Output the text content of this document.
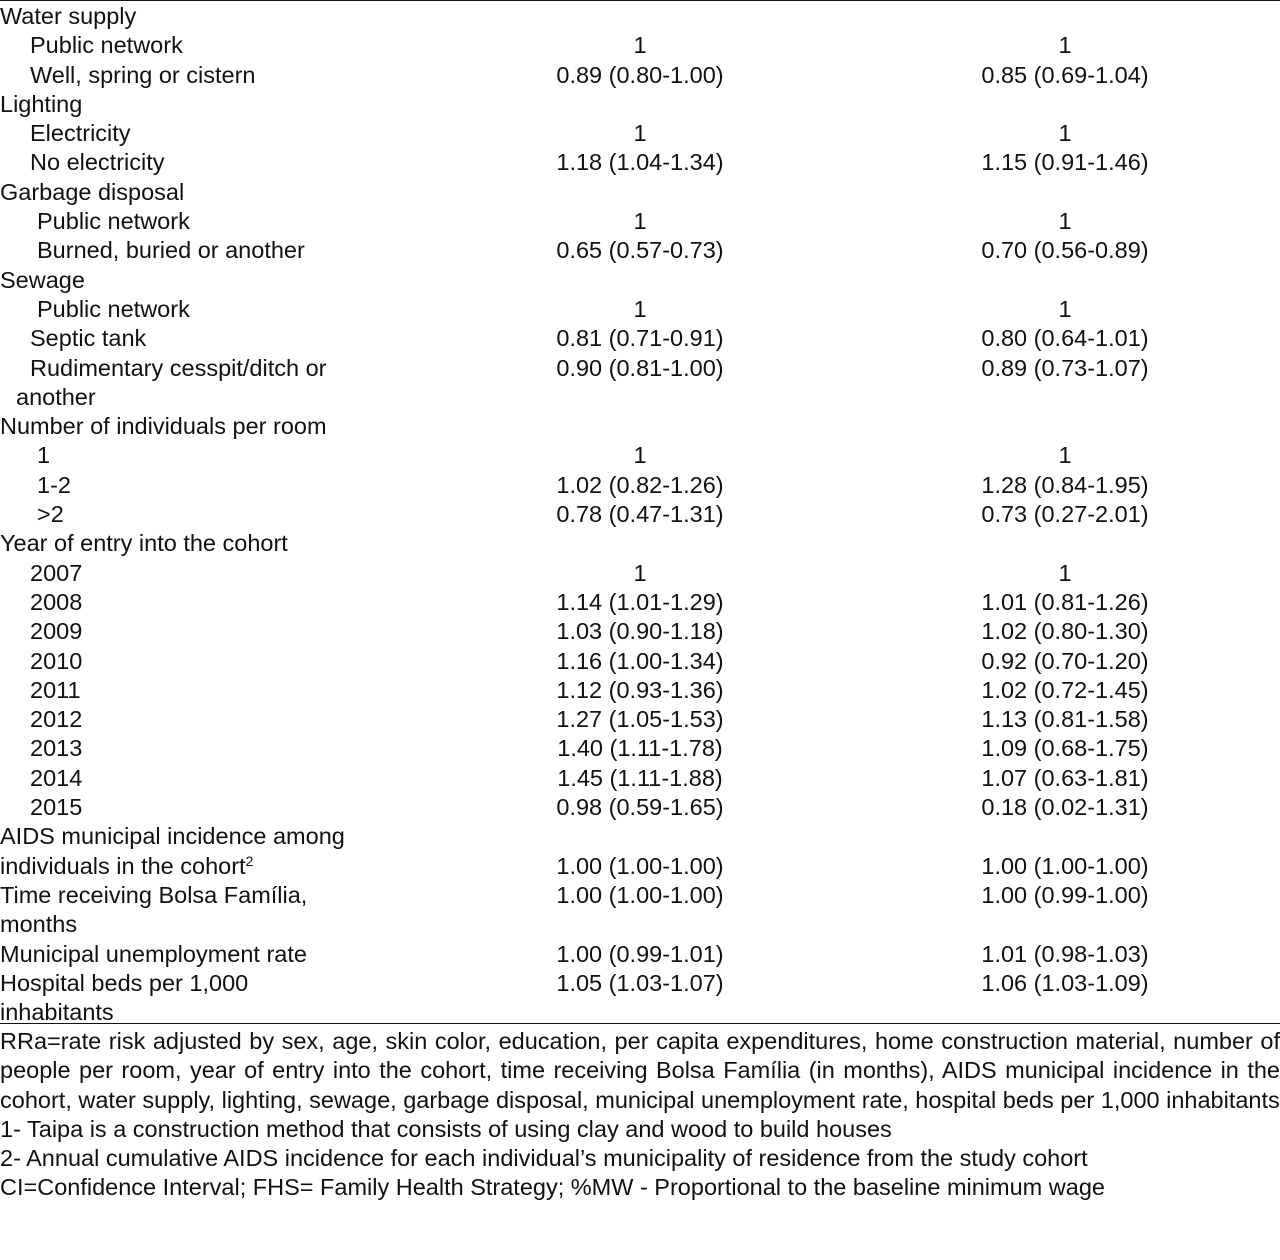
Water supply		
Public network	1	1
Well, spring or cistern	0.89 (0.80-1.00)	0.85 (0.69-1.04)
Lighting		
Electricity	1	1
No electricity	1.18 (1.04-1.34)	1.15 (0.91-1.46)
Garbage disposal		
Public network	1	1
Burned, buried or another	0.65 (0.57-0.73)	0.70 (0.56-0.89)
Sewage		
Public network	1	1
Septic tank	0.81 (0.71-0.91)	0.80 (0.64-1.01)
Rudimentary cesspit/ditch or
another	0.90 (0.81-1.00)	0.89 (0.73-1.07)
Number of individuals per room		
1	1	1
1-2	1.02 (0.82-1.26)	1.28 (0.84-1.95)
>2	0.78 (0.47-1.31)	0.73 (0.27-2.01)
Year of entry into the cohort		
2007	1	1
2008	1.14 (1.01-1.29)	1.01 (0.81-1.26)
2009	1.03 (0.90-1.18)	1.02 (0.80-1.30)
2010	1.16 (1.00-1.34)	0.92 (0.70-1.20)
2011	1.12 (0.93-1.36)	1.02 (0.72-1.45)
2012	1.27 (1.05-1.53)	1.13 (0.81-1.58)
2013	1.40 (1.11-1.78)	1.09 (0.68-1.75)
2014	1.45 (1.11-1.88)	1.07 (0.63-1.81)
2015	0.98 (0.59-1.65)	0.18 (0.02-1.31)
AIDS municipal incidence among
individuals in the cohort$^2$	1.00 (1.00-1.00)	1.00 (1.00-1.00)
Time receiving Bolsa Família,
months	1.00 (1.00-1.00)	1.00 (0.99-1.00)
Municipal unemployment rate	1.00 (0.99-1.01)	1.01 (0.98-1.03)
Hospital beds per 1,000
inhabitants	1.05 (1.03-1.07)	1.06 (1.03-1.09)

RRa=rate risk adjusted by sex, age, skin color, education, per capita expenditures, home construction material, number of people per room, year of entry into the cohort, time receiving Bolsa Família (in months), AIDS municipal incidence in the cohort, water supply, lighting, sewage, garbage disposal, municipal unemployment rate, hospital beds per 1,000 inhabitants

1- Taipa is a construction method that consists of using clay and wood to build houses

2- Annual cumulative AIDS incidence for each individual’s municipality of residence from the study cohort

CI=Confidence Interval; FHS= Family Health Strategy; %MW - Proportional to the baseline minimum wage
